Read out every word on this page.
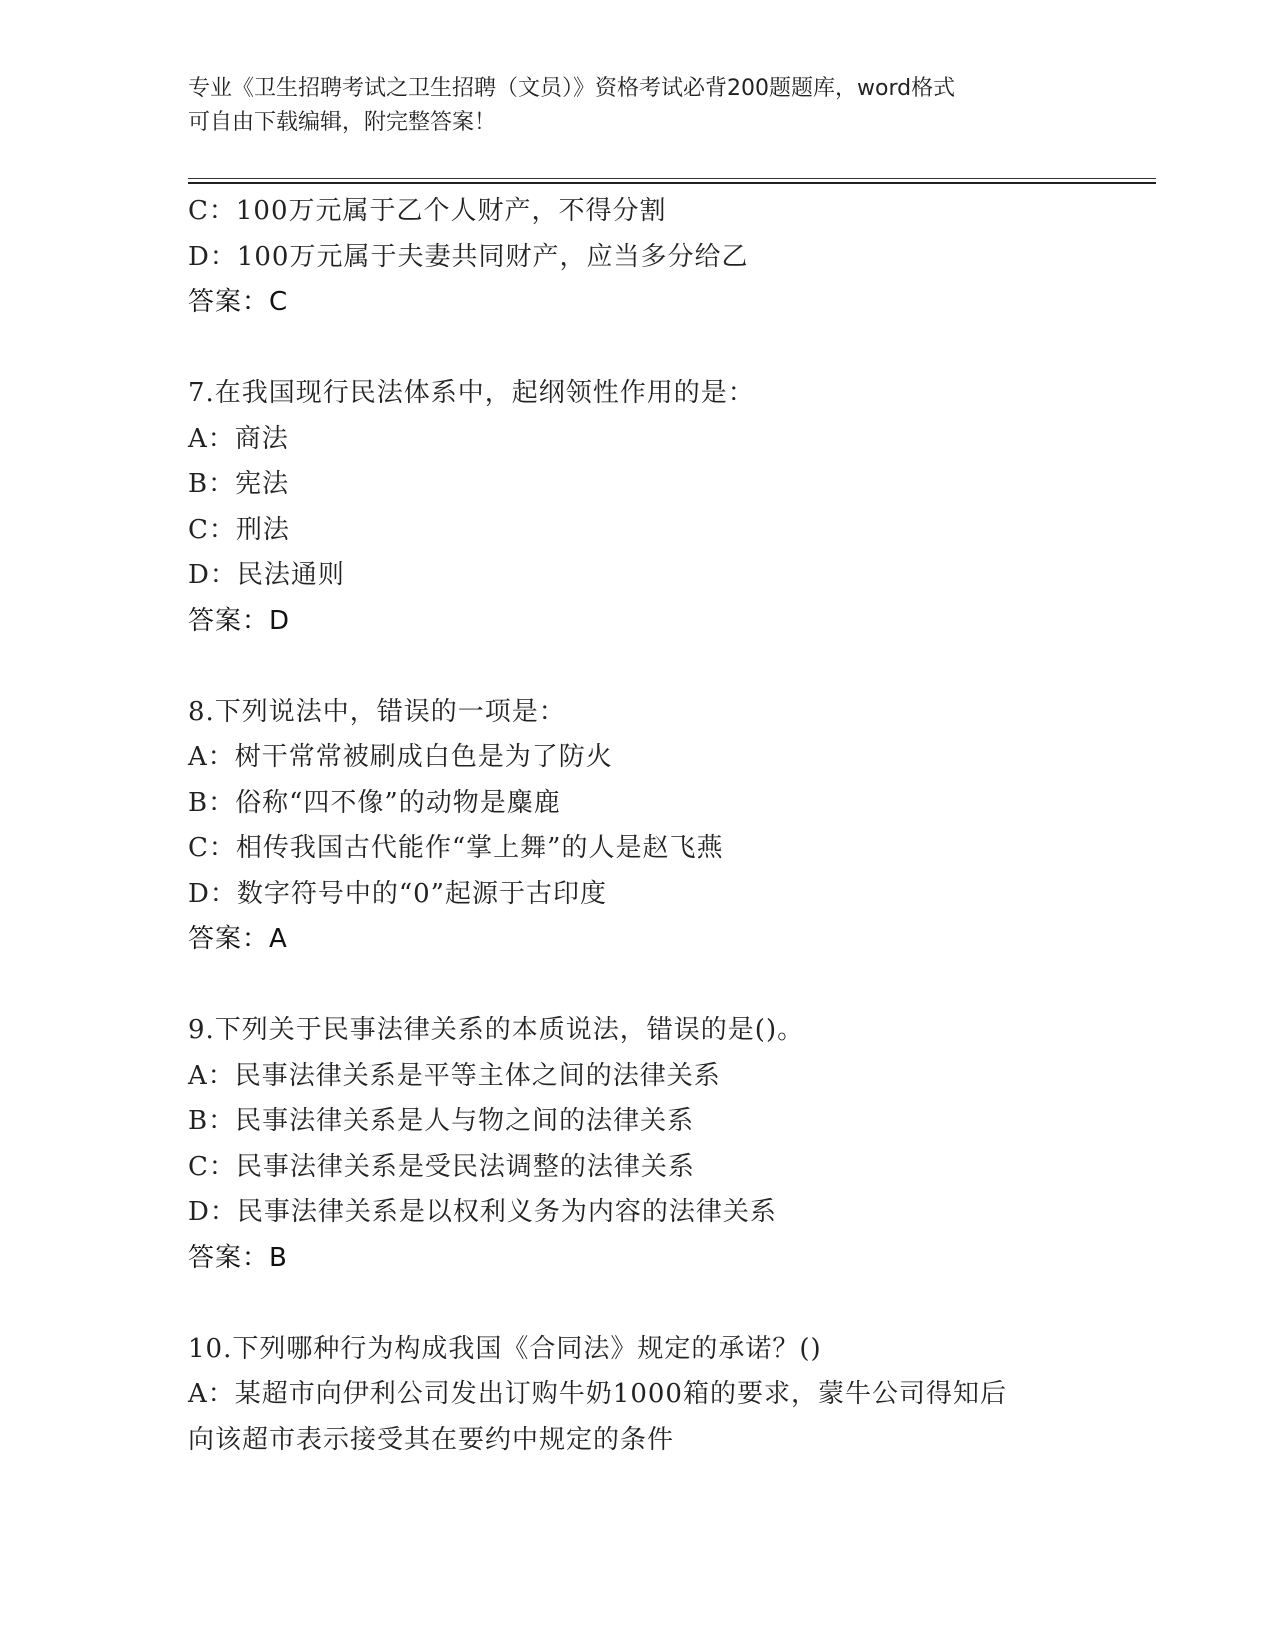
专业《卫生招聘考试之卫生招聘（文员）》资格考试必背200题题库，word格式
可自由下载编辑，附完整答案！
C：100万元属于乙个人财产，不得分割
D：100万元属于夫妻共同财产，应当多分给乙
答案：C
7.在我国现行民法体系中，起纲领性作用的是：
A：商法
B：宪法
C：刑法
D：民法通则
答案：D
8.下列说法中，错误的一项是：
A：树干常常被刷成白色是为了防火
B：俗称“四不像”的动物是麋鹿
C：相传我国古代能作“掌上舞”的人是赵飞燕
D：数字符号中的“0”起源于古印度
答案：A
9.下列关于民事法律关系的本质说法，错误的是()。
A：民事法律关系是平等主体之间的法律关系
B：民事法律关系是人与物之间的法律关系
C：民事法律关系是受民法调整的法律关系
D：民事法律关系是以权利义务为内容的法律关系
答案：B
10.下列哪种行为构成我国《合同法》规定的承诺？()
A：某超市向伊利公司发出订购牛奶1000箱的要求，蒙牛公司得知后
向该超市表示接受其在要约中规定的条件
